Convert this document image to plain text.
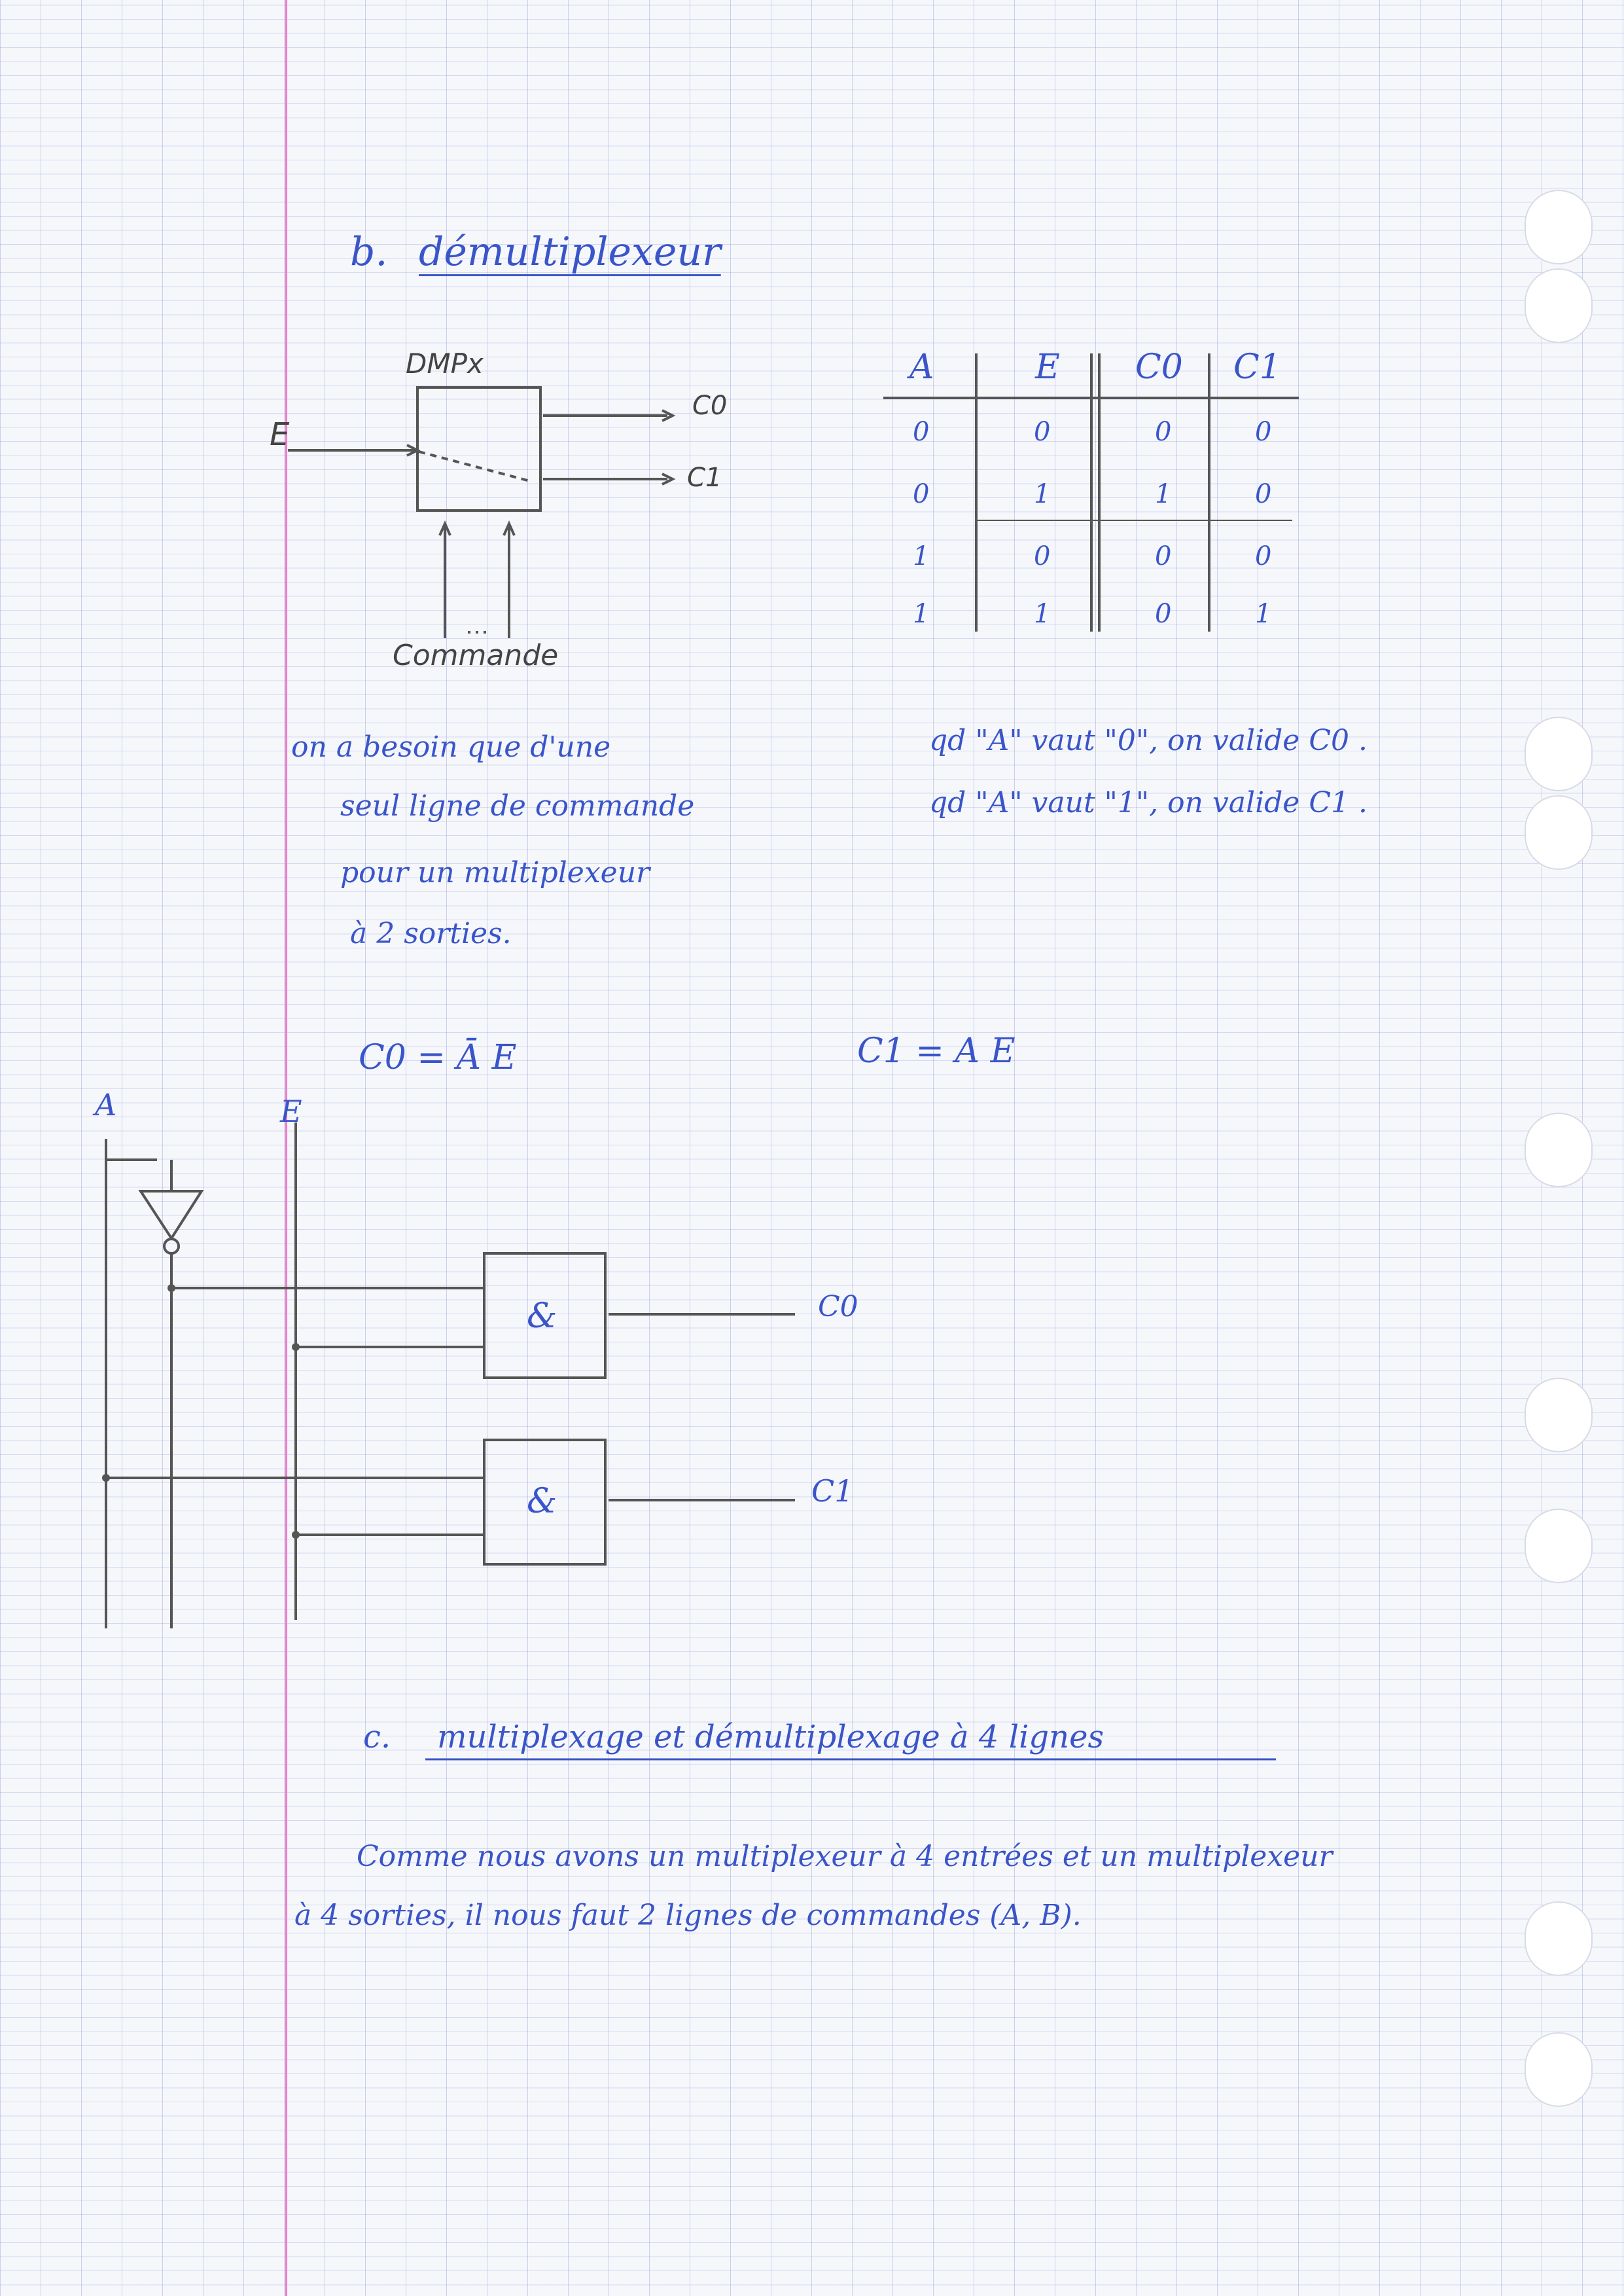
b. démultiplexeur
DMPx
E
C0
C1
Commande
A	E C0 C1
0	0	0	0
0	1	1	0
1	0	0	0
1	1	0	1
on a besoin que d'une
seul ligne de commande
pour un multiplexeur
à 2 sorties.
qd "A" vaut "0", on valide C0 .
qd "A" vaut "1", on valide C1 .
C0 = Ā E	C1 = A E
A	E
&
&
C0
C1
c. multiplexage et démultiplexage à 4 lignes
Comme nous avons un multiplexeur à 4 entrées et un multiplexeur
à 4 sorties, il nous faut 2 lignes de commandes (A, B).
